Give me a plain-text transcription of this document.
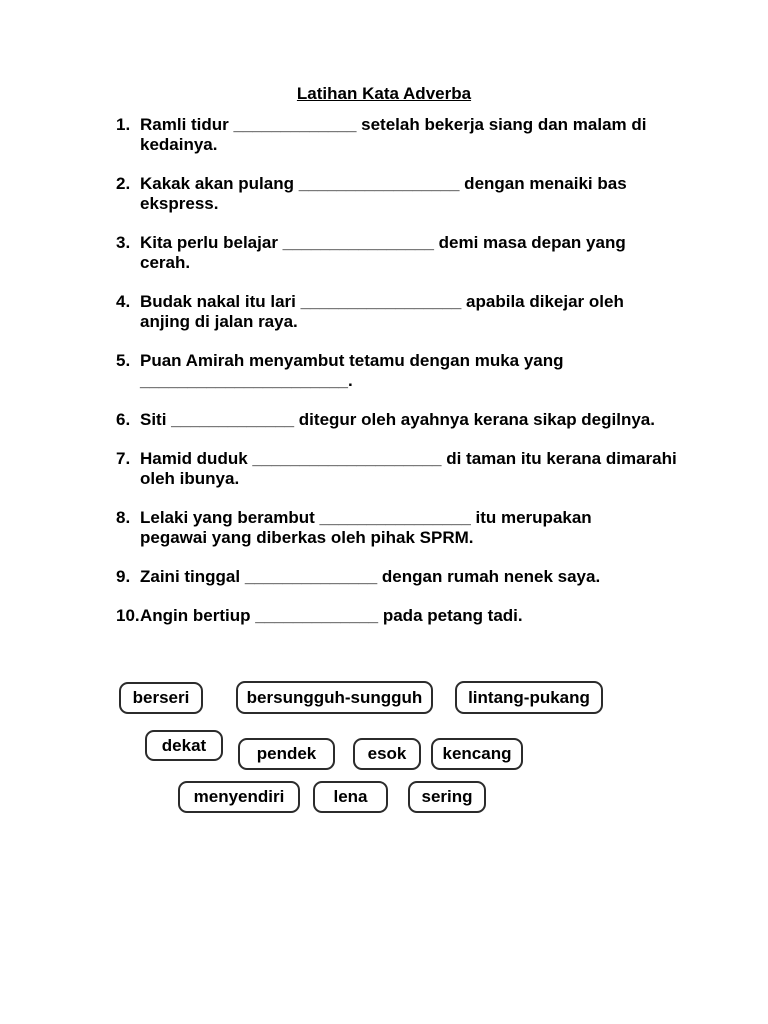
Latihan Kata Adverba
1. Ramli tidur _____________ setelah bekerja siang dan malam di
kedainya.
2. Kakak akan pulang _________________ dengan menaiki bas
ekspress.
3. Kita perlu belajar ________________ demi masa depan yang
cerah.
4. Budak nakal itu lari _________________ apabila dikejar oleh
anjing di jalan raya.
5. Puan Amirah menyambut tetamu dengan muka yang
______________________.
6. Siti _____________ ditegur oleh ayahnya kerana sikap degilnya.
7. Hamid duduk ____________________ di taman itu kerana dimarahi
oleh ibunya.
8. Lelaki yang berambut ________________ itu merupakan
pegawai yang diberkas oleh pihak SPRM.
9. Zaini tinggal ______________ dengan rumah nenek saya.
10. Angin bertiup _____________ pada petang tadi.
berseri	bersungguh-sungguh	lintang-pukang
dekat	pendek	esok	kencang
menyendiri	lena	sering
